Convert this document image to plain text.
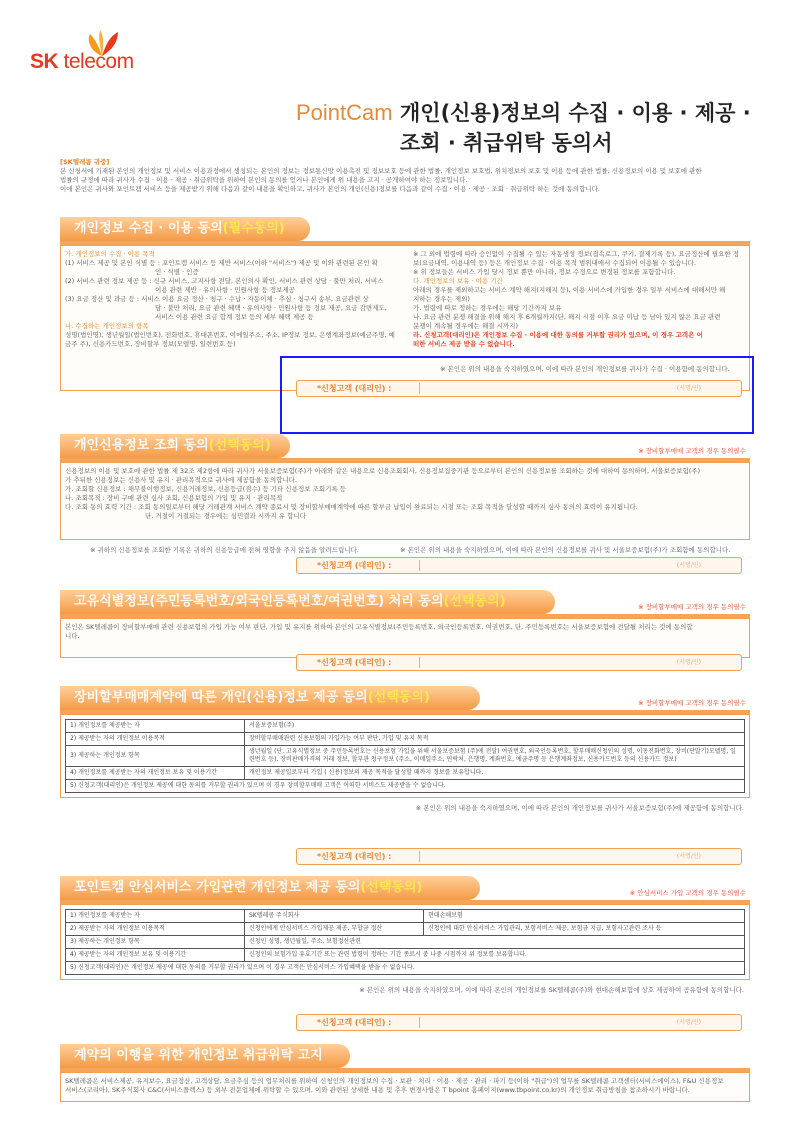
SK telecom
PointCam 개인(신용)정보의 수집 · 이용 · 제공 ·
조회 · 취급위탁 동의서
[SK텔레콤 귀중]
본 신청서에 기재된 본인의 개인정보 및 서비스 이용과정에서 생성되는 본인의 정보는 정보통신망 이용촉진 및 정보보호 등에 관한 법률, 개인정보 보호법, 위치정보의 보호 및 이용 등에 관한 법률, 신용정보의 이용 및 보호에 관한
법률의 규정에 따라 귀사가 수집 · 이용 · 제공 · 취급위탁을 위하여 본인의 동의를 얻거나 본인에게 위 내용을 고지 · 공개하여야 하는 정보입니다.
이에 본인은 귀사와 포인트캠 서비스 등을 제공받기 위해 다음과 같이 내용을 확인하고, 귀사가 본인의 개인(신용)정보를 다음과 같이 수집 · 이용 · 제공 · 조회 · 취급위탁 하는 것에 동의합니다.
개인정보 수집 · 이용 동의(필수동의)
가. 개인정보의 수집 · 이용 목적
(1) 서비스 제공 및 본인 식별 등 : 포인트캠 서비스 등 제반 서비스(이하 "서비스") 제공 및 이와 관련된 본인 확
인 · 식별 · 인증
(2) 서비스 관련 정보 제공 등 : 신규 서비스, 고지사항 전달, 본인의사 확인, 서비스 관련 상담 · 불만 처리, 서비스
이용 관련 제반 · 유의사항 · 민원사항 등 정보제공
(3) 요금 정산 및 과금 등 : 서비스 이용 요금 정산 · 청구 · 수납 · 자동이체 · 추심 · 청구서 송부, 요금관련 상
담 · 불만 처리, 요금 관련 혜택 · 유의사항 · 민원사항 등 정보 제공, 요금 감면제도,
서비스 이용 관련 요금 합계 정보 등의 세부 혜택 제공 등
나. 수집하는 개인정보의 항목
성명(법인명), 생년월일(법인번호), 전화번호, 휴대폰번호, 이메일주소, 주소, IP정보 정보, 은행계좌정보(예금주명, 예
금주 주), 신용카드번호, 장비할부 정보(모델명, 일련번호 등)
※ 그 외에 법령에 따라 승인없이 수집될 수 있는 자동생성 정보(접속로그, 쿠키, 결제기록 등), 요금정산에 필요한 정
보(요금내역, 이용내역 등) 등은 개인정보 수집 · 이용 목적 범위내에서 수집되어 이용될 수 있습니다.
※ 위 정보들은 서비스 가입 당시 정보 뿐만 아니라, 정보 수정으로 변경된 정보를 포함합니다.
다. 개인정보의 보유 · 이용 기간
아래의 경우를 제외하고는 서비스 계약 해지(지해지 등), 이용 서비스에 가입한 경우 일부 서비스에 대해서만 해
지하는 경우는 제외)
가. 법령에 따로 정하는 경우에는 해당 기간까지 보유
나. 요금 관련 분쟁 해결을 위해 해지 후 6개월까지(단, 해지 시점 이후 요금 미납 등 남아 있지 않은 요금 관련
분쟁이 계속될 경우에는 해결 시까지)
라. 신청고객(대리인)은 개인정보 수집 · 이용에 대한 동의를 거부할 권리가 있으며, 이 경우 고객은 어
떠한 서비스 제공 받을 수 없습니다.
※ 본인은 위의 내용을 숙지하였으며, 이에 따라 본인의 개인정보를 귀사가 수집 · 이용함에 동의합니다.
*신청고객 (대리인) :	(서명/인)
개인신용정보 조회 동의(선택동의)	※ 장비할부매매 고객의 경우 동의필수
신용정보의 이용 및 보호에 관한 법률 제 32조 제2항에 따라 귀사가 서울보증보험(주)가 아래와 같은 내용으로 신용조회회사, 신용정보집중기관 등으로부터 본인의 신용정보를 조회하는 것에 대하여 동의하며, 서울보증보험(주)
가 추뒤한 신용정보는 신용사 및 유지 · 관리목적으로 귀사에 제공함을 동의합니다.
가. 조회할 신용정보 : 채무불이행정보, 신용거래정보, 신용등급(점수) 등 기타 신용정보 조회기록 등
나. 조회목적 : 장비 구매 관련 심사 조회, 신용보험의 가입 및 유지 · 관리목적
다. 조회 동의 효력 기간 : 조회 동의일로부터 해당 거래관계 서비스 계약 종료시 및 장비할부매매계약에 따른 할부금 납입이 완료되는 시점 또는 조회 목적을 달성할 때까지 심사 동의의 효력이 유지됩니다.
단, 거절이 거절되는 경우에는 심민결과 시까지 유 합니다
※ 귀하의 신용정보를 조회한 기록은 귀하의 신용등급에 전혀 영향을 주지 않음을 알려드립니다.	※ 본인은 위의 내용을 숙지하였으며, 이에 따라 본인의 신용정보를 귀사 및 서울보증보험(주)가 조회함에 동의합니다.
*신청고객 (대리인) :	(서명/인)
고유식별정보(주민등록번호/외국인등록번호/여권번호) 처리 동의(선택동의)	※ 장비할부매매 고객의 경우 동의필수
본인은 SK텔레콤이 장비할부매매 관련 신용보험의 가입 가능 여부 판단, 가입 및 유지를 위하여 본인의 고유식별정보(주민등록번호, 외국인등록번호, 여권번호, 단, 주민등록번호는 서울보증보험에 전달될 처리는 것에 동의합
니다.
*신청고객 (대리인) :	(서명/인)
장비할부매매계약에 따른 개인(신용)정보 제공 동의(선택동의)	※ 장비할부매매 고객의 경우 동의필수
1) 개인정보를 제공받는 자	서울보증보험(주)
2) 제공받는 자의 개인정보 이용목적	장비할부매매관련 신용보험의 가입가능 여부 판단, 가입 및 유지 목적
3) 제공하는 개인정보 항목	생년월일 (단, 고유식별정보 중 주민등록번호는 신용보험 가입을 위해 서울보증보험 (주)에 전달) 여권번호, 외국인등록번호, 할부매매신청인의 성명, 이동전화번호, 장비(단말기)모델명, 일련번호 등), 장비판매가격의 거래 정보, 할부관 청구정보 (주소, 이메일주소, 연락처, 은행명, 계좌번호, 예금주명 등 은행계좌정보, 신용카드번호 등의 신용카드 정보)
4) 개인정보를 제공받는 자의 개인정보 보유 및 이용기간	개인정보 제공일로부터 가입 ( 신용)정보의 제공 목적을 달성할 때까지 정보를 보유합니다.
5) 신청고객(대리인)은 개인정보 제공에 대한 동의를 거부할 권리가 있으며 이 경우 장비할부매매 고객은 어떠한 서비스도 제공받을 수 없습니다.	
※ 본인은 위의 내용을 숙지하였으며, 이에 따라 본인의 개인정보를 귀사가 서울보증보험(주)에 제공함에 동의합니다.
*신청고객 (대리인) :	(서명/인)
포인트캠 안심서비스 가입관련 개인정보 제공 동의(선택동의)	※ 안심서비스 가입 고객의 경우 동의필수
1) 개인정보를 제공받는 자	SK텔레콤 주식회사	현대손해보험
2) 제공받는 자의 개인정보 이용목적	신청인에게 안심서비스 가입제공 제공, 부합금 정산	신청인에 대한 안심서비스 가입관리, 보험서비스 제공, 보험금 지급, 보험사고관련 조사 등
3) 제공하는 개인정보 항목	신청인 성명, 생년월일, 주소, 보험정산관련	
4) 제공받는 자의 개인정보 보유 및 이용기간	신청인의 보험가입 유효기간 또는 관련 법령이 정하는 기간 종료시 중 나중 시점까지 위 정보를 보유합니다.	
5) 신청고객(대리인)은 개인정보 제공에 대한 동의를 거부할 권리가 있으며 이 경우 고객은 안심서비스 가입혜택을 받을 수 없습니다.		
※ 본인은 위의 내용을 숙지하였으며, 이에 따라 본인의 개인정보를 SK텔레콤(주)와 현대손해보험에 상호 제공하여 공유함에 동의합니다.
*신청고객 (대리인) :	(서명/인)
계약의 이행을 위한 개인정보 취급위탁 고지
SK텔레콤은 서비스제공, 유지보수, 요금정산, 고객상담, 요금추심 등의 업무처리를 위하여 신청인의 개인정보의 수집 · 보관 · 처리 · 이용 · 제공 · 관리 · 파기 등(이하 "취급")의 업무를 SK텔레콤 고객센터(서비스에이스), F&U 신용정보
서비스(코리아), SK주식회사 C&C(서비스플렉스) 등 외부 전문업체에 위탁할 수 있으며, 이와 관련된 상세한 내용 및 추후 변경사항은 T bpoint 홈페이지(www.tbpoint.co.kr)의 개인정보 취급방침을 참조하시기 바랍니다.
